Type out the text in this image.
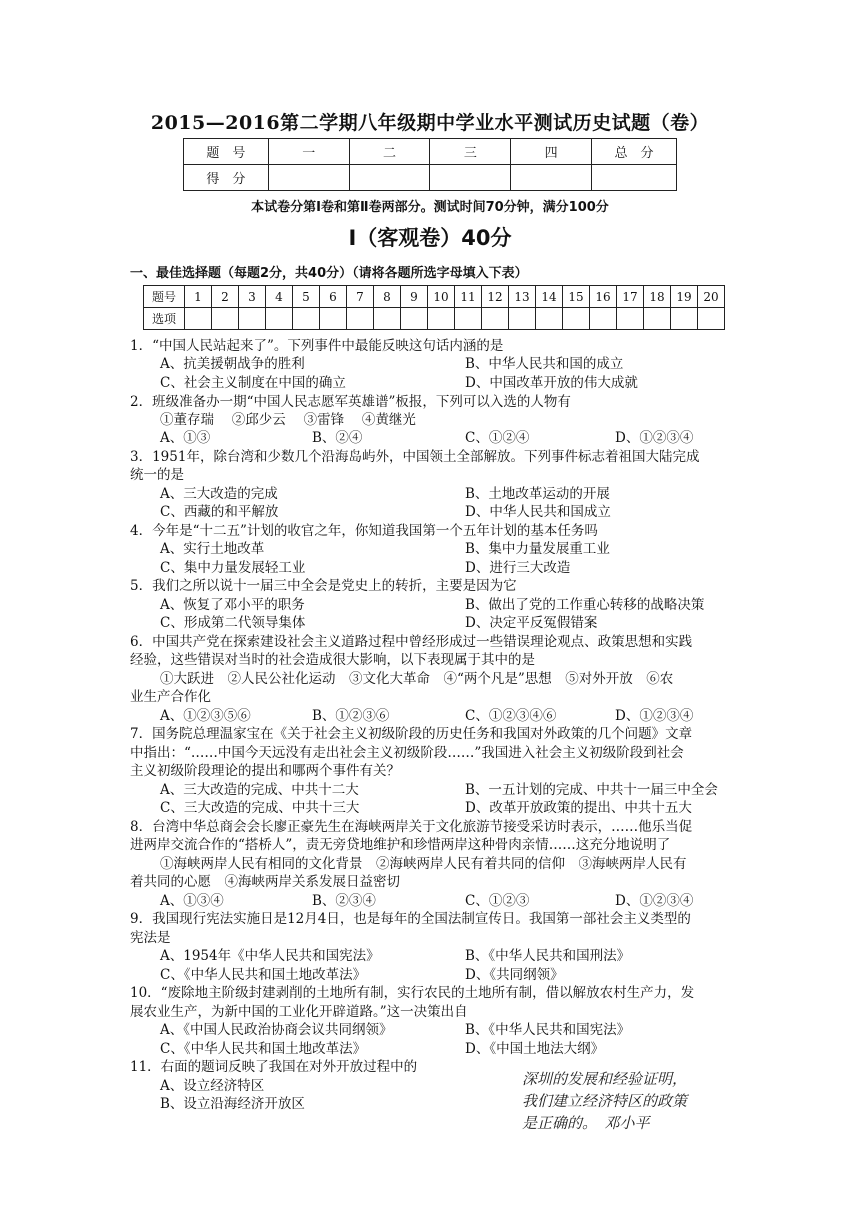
2015—2016第二学期八年级期中学业水平测试历史试题（卷）
题　号	一	二	三	四	总　分
得　分					
本试卷分第Ⅰ卷和第Ⅱ卷两部分。测试时间70分钟，满分100分
Ⅰ（客观卷）40分
一、最佳选择题（每题2分，共40分）（请将各题所选字母填入下表）
题号	1	2	3	4	5	6	7	8	9	10	11	12	13	14	15	16	17	18	19	20
选项																				
1．“中国人民站起来了”。下列事件中最能反映这句话内涵的是
A、抗美援朝战争的胜利	B、中华人民共和国的成立
C、社会主义制度在中国的确立	D、中国改革开放的伟大成就
2．班级准备办一期“中国人民志愿军英雄谱”板报，下列可以入选的人物有
①董存瑞　 ②邱少云　 ③雷锋　 ④黄继光
A、①③	B、②④	C、①②④	D、①②③④
3．1951年，除台湾和少数几个沿海岛屿外，中国领土全部解放。下列事件标志着祖国大陆完成
统一的是
A、三大改造的完成	B、土地改革运动的开展
C、西藏的和平解放	D、中华人民共和国成立
4．今年是“十二五”计划的收官之年，你知道我国第一个五年计划的基本任务吗
A、实行土地改革	B、集中力量发展重工业
C、集中力量发展轻工业	D、进行三大改造
5．我们之所以说十一届三中全会是党史上的转折，主要是因为它
A、恢复了邓小平的职务	B、做出了党的工作重心转移的战略决策
C、形成第二代领导集体	D、决定平反冤假错案
6．中国共产党在探索建设社会主义道路过程中曾经形成过一些错误理论观点、政策思想和实践
经验，这些错误对当时的社会造成很大影响，以下表现属于其中的是
①大跃进　②人民公社化运动　③文化大革命　④“两个凡是”思想　⑤对外开放　⑥农
业生产合作化
A、①②③⑤⑥	B、①②③⑥	C、①②③④⑥	D、①②③④
7．国务院总理温家宝在《关于社会主义初级阶段的历史任务和我国对外政策的几个问题》文章
中指出：“……中国今天远没有走出社会主义初级阶段……”我国进入社会主义初级阶段到社会
主义初级阶段理论的提出和哪两个事件有关？
A、三大改造的完成、中共十二大	B、一五计划的完成、中共十一届三中全会
C、三大改造的完成、中共十三大	D、改革开放政策的提出、中共十五大
8．台湾中华总商会会长廖正豪先生在海峡两岸关于文化旅游节接受采访时表示，……他乐当促
进两岸交流合作的“搭桥人”，责无旁贷地维护和珍惜两岸这种骨肉亲情……这充分地说明了
①海峡两岸人民有相同的文化背景　②海峡两岸人民有着共同的信仰　③海峡两岸人民有
着共同的心愿　④海峡两岸关系发展日益密切
A、①③④	B、②③④	C、①②③	D、①②③④
9．我国现行宪法实施日是12月4日，也是每年的全国法制宣传日。我国第一部社会主义类型的
宪法是
A、1954年《中华人民共和国宪法》	B、《中华人民共和国刑法》
C、《中华人民共和国土地改革法》	D、《共同纲领》
10．“废除地主阶级封建剥削的土地所有制，实行农民的土地所有制，借以解放农村生产力，发
展农业生产，为新中国的工业化开辟道路。”这一决策出自
A、《中国人民政治协商会议共同纲领》	B、《中华人民共和国宪法》
C、《中华人民共和国土地改革法》	D、《中国土地法大纲》
11．右面的题词反映了我国在对外开放过程中的
A、设立经济特区
B、设立沿海经济开放区
深圳的发展和经验证明，
我们建立经济特区的政策
是正确的。　邓小平
